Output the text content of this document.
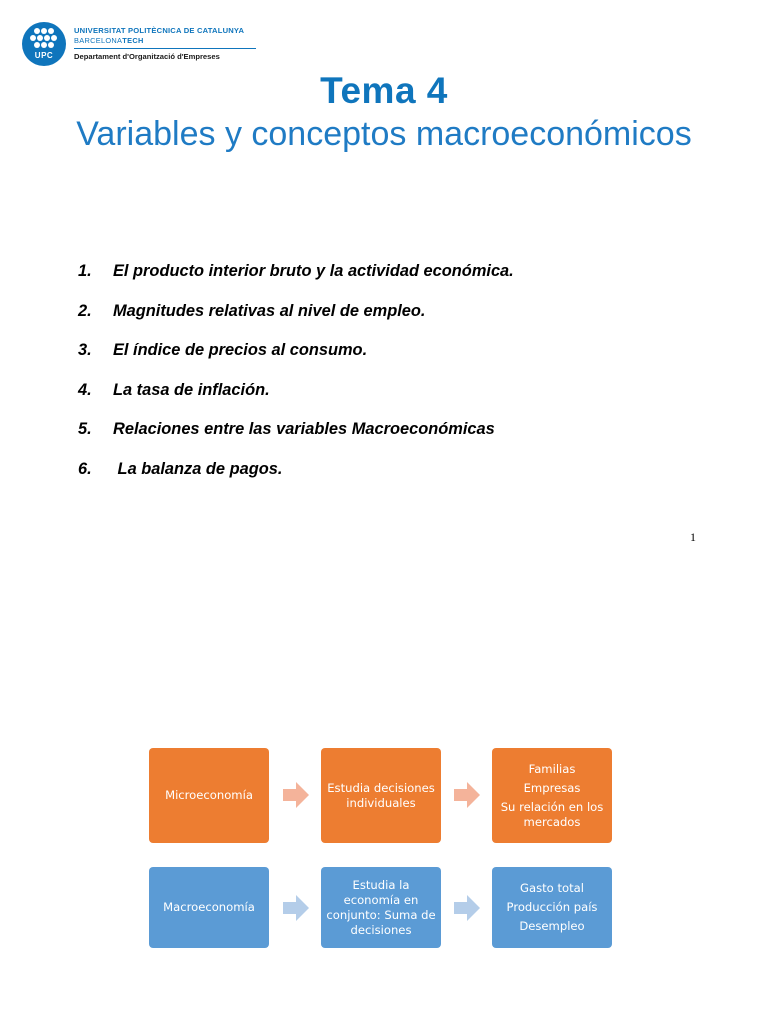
UPC
UNIVERSITAT POLITÈCNICA DE CATALUNYA
BARCELONATECH
Departament d'Organització d'Empreses
Tema 4
Variables y conceptos macroeconómicos
1.	El producto interior bruto y la actividad económica.
2.	Magnitudes relativas al nivel de empleo.
3.	El índice de precios al consumo.
4.	La tasa de inflación.
5.	Relaciones entre las variables Macroeconómicas
6.	La balanza de pagos.
1
Microeconomía
Estudia decisiones individuales
Familias
Empresas
Su relación en los mercados
Macroeconomía
Estudia la economía en conjunto: Suma de decisiones
Gasto total
Producción país
Desempleo
